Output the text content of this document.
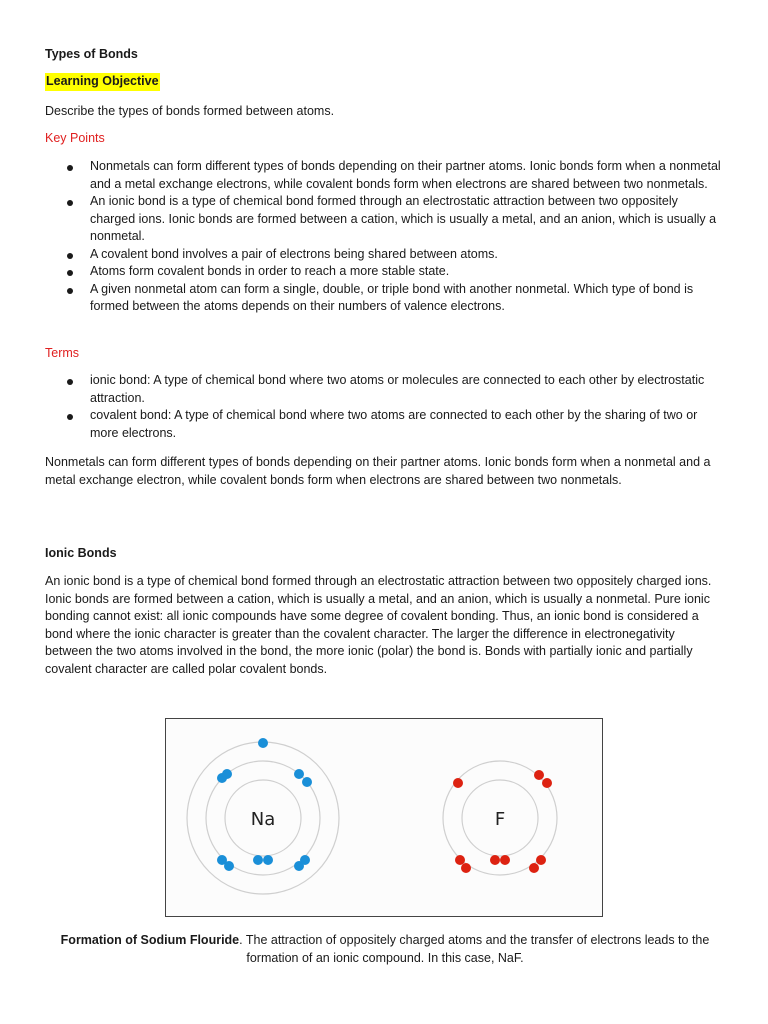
Types of Bonds
Learning Objective
Describe the types of bonds formed between atoms.
Key Points
Nonmetals can form different types of bonds depending on their partner atoms. Ionic bonds form when a nonmetal and a metal exchange electrons, while covalent bonds form when electrons are shared between two nonmetals.
An ionic bond is a type of chemical bond formed through an electrostatic attraction between two oppositely charged ions. Ionic bonds are formed between a cation, which is usually a metal, and an anion, which is usually a nonmetal.
A covalent bond involves a pair of electrons being shared between atoms.
Atoms form covalent bonds in order to reach a more stable state.
A given nonmetal atom can form a single, double, or triple bond with another nonmetal. Which type of bond is formed between the atoms depends on their numbers of valence electrons.
Terms
ionic bond: A type of chemical bond where two atoms or molecules are connected to each other by electrostatic attraction.
covalent bond: A type of chemical bond where two atoms are connected to each other by the sharing of two or more electrons.
Nonmetals can form different types of bonds depending on their partner atoms. Ionic bonds form when a nonmetal and a metal exchange electron, while covalent bonds form when electrons are shared between two nonmetals.
Ionic Bonds
An ionic bond is a type of chemical bond formed through an electrostatic attraction between two oppositely charged ions. Ionic bonds are formed between a cation, which is usually a metal, and an anion, which is usually a nonmetal. Pure ionic bonding cannot exist: all ionic compounds have some degree of covalent bonding. Thus, an ionic bond is considered a bond where the ionic character is greater than the covalent character. The larger the difference in electronegativity between the two atoms involved in the bond, the more ionic (polar) the bond is. Bonds with partially ionic and partially covalent character are called polar covalent bonds.
Na	F
Formation of Sodium Flouride. The attraction of oppositely charged atoms and the transfer of electrons leads to the formation of an ionic compound. In this case, NaF.
